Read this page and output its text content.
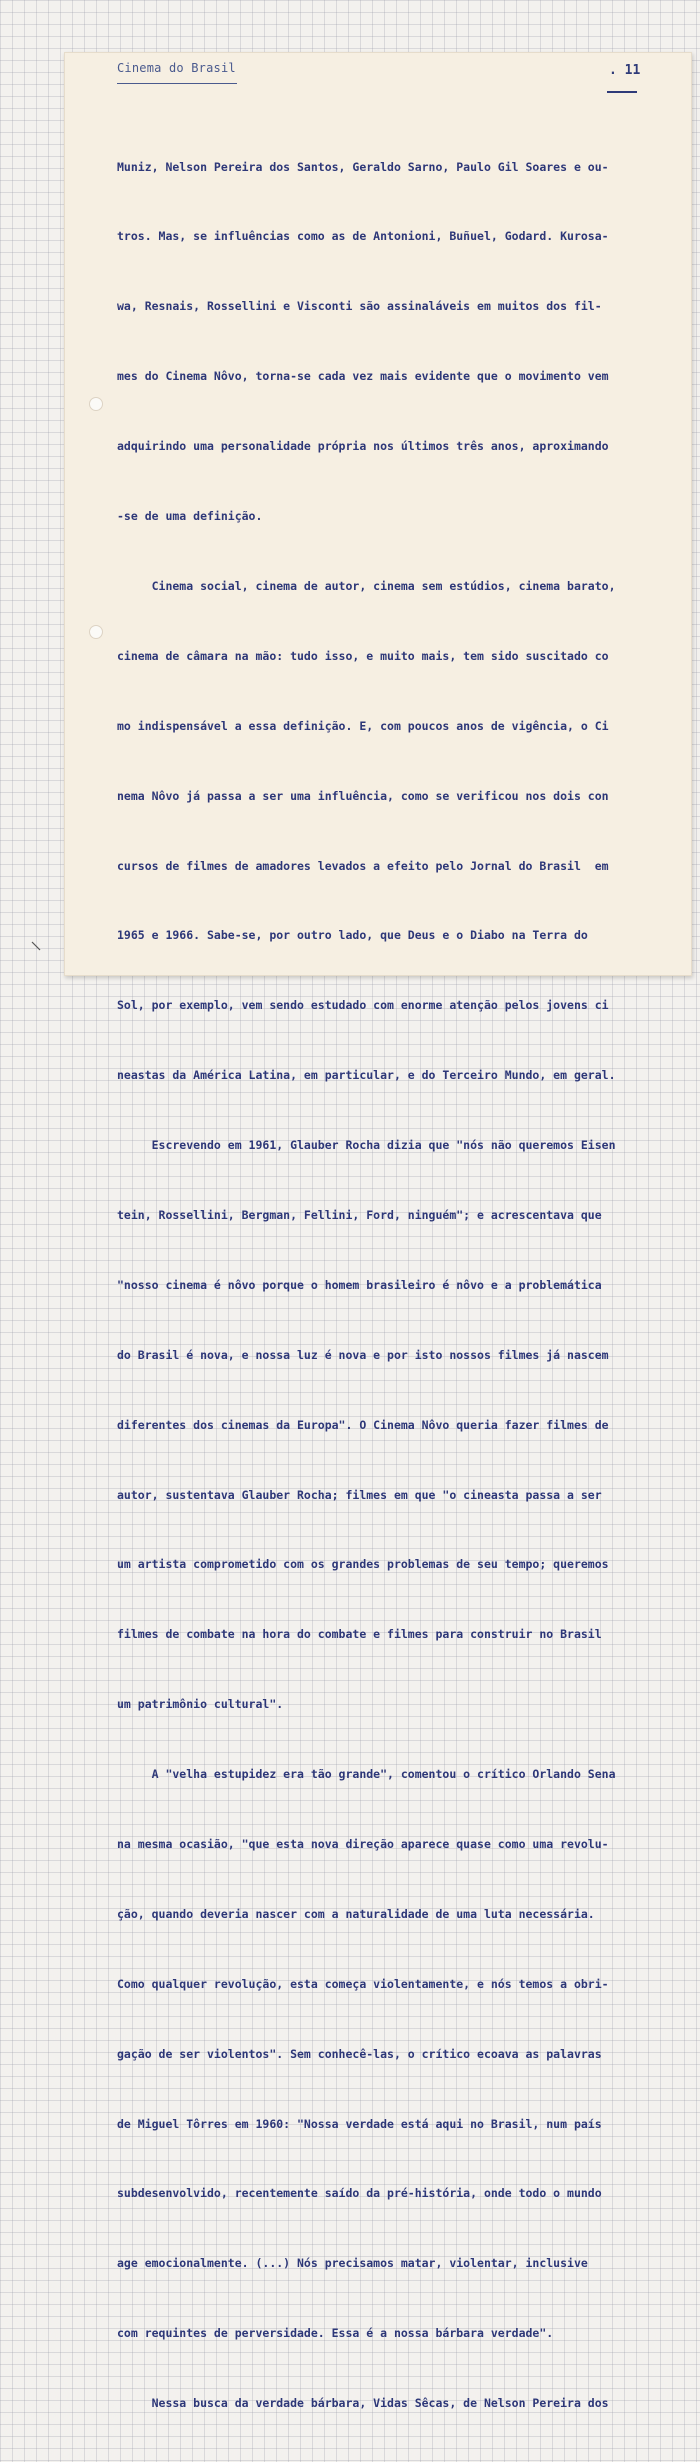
Cinema do Brasil	. 11

Muniz, Nelson Pereira dos Santos, Geraldo Sarno, Paulo Gil Soares e ou-

tros. Mas, se influências como as de Antonioni, Buñuel, Godard. Kurosa-

wa, Resnais, Rossellini e Visconti são assinaláveis em muitos dos fil-

mes do Cinema Nôvo, torna-se cada vez mais evidente que o movimento vem

adquirindo uma personalidade própria nos últimos três anos, aproximando

-se de uma definição.

Cinema social, cinema de autor, cinema sem estúdios, cinema barato,

cinema de câmara na mão: tudo isso, e muito mais, tem sido suscitado co

mo indispensável a essa definição. E, com poucos anos de vigência, o Ci

nema Nôvo já passa a ser uma influência, como se verificou nos dois con

cursos de filmes de amadores levados a efeito pelo Jornal do Brasil  em

1965 e 1966. Sabe-se, por outro lado, que Deus e o Diabo na Terra do

Sol, por exemplo, vem sendo estudado com enorme atenção pelos jovens ci

neastas da América Latina, em particular, e do Terceiro Mundo, em geral.

Escrevendo em 1961, Glauber Rocha dizia que "nós não queremos Eisen

tein, Rossellini, Bergman, Fellini, Ford, ninguém"; e acrescentava que

"nosso cinema é nôvo porque o homem brasileiro é nôvo e a problemática

do Brasil é nova, e nossa luz é nova e por isto nossos filmes já nascem

diferentes dos cinemas da Europa". O Cinema Nôvo queria fazer filmes de

autor, sustentava Glauber Rocha; filmes em que "o cineasta passa a ser

um artista comprometido com os grandes problemas de seu tempo; queremos

filmes de combate na hora do combate e filmes para construir no Brasil

um patrimônio cultural".

A "velha estupidez era tão grande", comentou o crítico Orlando Sena

na mesma ocasião, "que esta nova direção aparece quase como uma revolu-

ção, quando deveria nascer com a naturalidade de uma luta necessária.

Como qualquer revolução, esta começa violentamente, e nós temos a obri-

gação de ser violentos". Sem conhecê-las, o crítico ecoava as palavras

de Miguel Tôrres em 1960: "Nossa verdade está aqui no Brasil, num país

subdesenvolvido, recentemente saído da pré-história, onde todo o mundo

age emocionalmente. (...) Nós precisamos matar, violentar, inclusive

com requintes de perversidade. Essa é a nossa bárbara verdade".

Nessa busca da verdade bárbara, Vidas Sêcas, de Nelson Pereira dos
